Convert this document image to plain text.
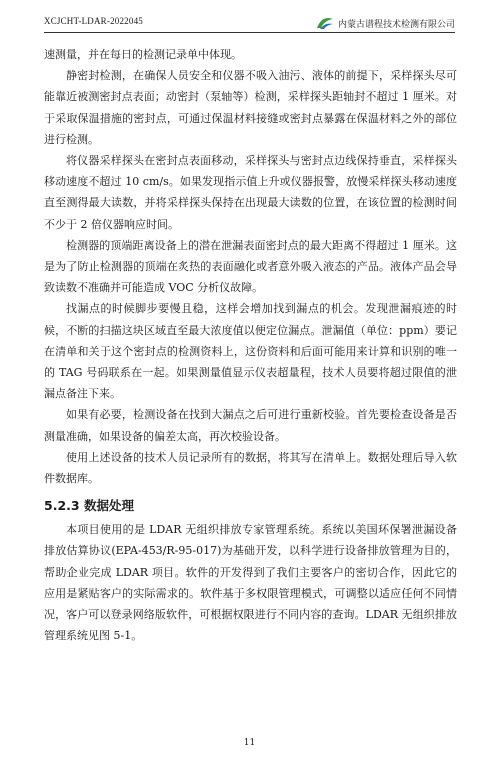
XCJCHT-LDAR-2022045	内蒙古谱程技术检测有限公司

速测量，并在每日的检测记录单中体现。

静密封检测，在确保人员安全和仪器不吸入油污、液体的前提下，采样探头尽可能靠近被测密封点表面；动密封（泵轴等）检测，采样探头距轴封不超过 1 厘米。对于采取保温措施的密封点，可通过保温材料接缝或密封点暴露在保温材料之外的部位进行检测。

将仪器采样探头在密封点表面移动，采样探头与密封点边线保持垂直，采样探头移动速度不超过 10 cm/s。如果发现指示值上升或仪器报警，放慢采样探头移动速度直至测得最大读数，并将采样探头保持在出现最大读数的位置，在该位置的检测时间不少于 2 倍仪器响应时间。

检测器的顶端距离设备上的潜在泄漏表面密封点的最大距离不得超过 1 厘米。这是为了防止检测器的顶端在炙热的表面融化或者意外吸入液态的产品。液体产品会导致读数不准确并可能造成 VOC 分析仪故障。

找漏点的时候脚步要慢且稳，这样会增加找到漏点的机会。发现泄漏痕迹的时候，不断的扫描这块区域直至最大浓度值以便定位漏点。泄漏值（单位：ppm）要记在清单和关于这个密封点的检测资料上，这份资料和后面可能用来计算和识别的唯一的 TAG 号码联系在一起。如果测量值显示仪表超量程，技术人员要将超过限值的泄漏点备注下来。

如果有必要，检测设备在找到大漏点之后可进行重新校验。首先要检查设备是否测量准确，如果设备的偏差太高，再次校验设备。

使用上述设备的技术人员记录所有的数据，将其写在清单上。数据处理后导入软件数据库。

5.2.3 数据处理

本项目使用的是 LDAR 无组织排放专家管理系统。系统以美国环保署泄漏设备排放估算协议(EPA-453/R-95-017)为基础开发，以科学进行设备排放管理为目的，帮助企业完成 LDAR 项目。软件的开发得到了我们主要客户的密切合作，因此它的应用是紧贴客户的实际需求的。软件基于多权限管理模式，可调整以适应任何不同情况，客户可以登录网络版软件，可根据权限进行不同内容的查询。LDAR 无组织排放管理系统见图 5-1。

11
